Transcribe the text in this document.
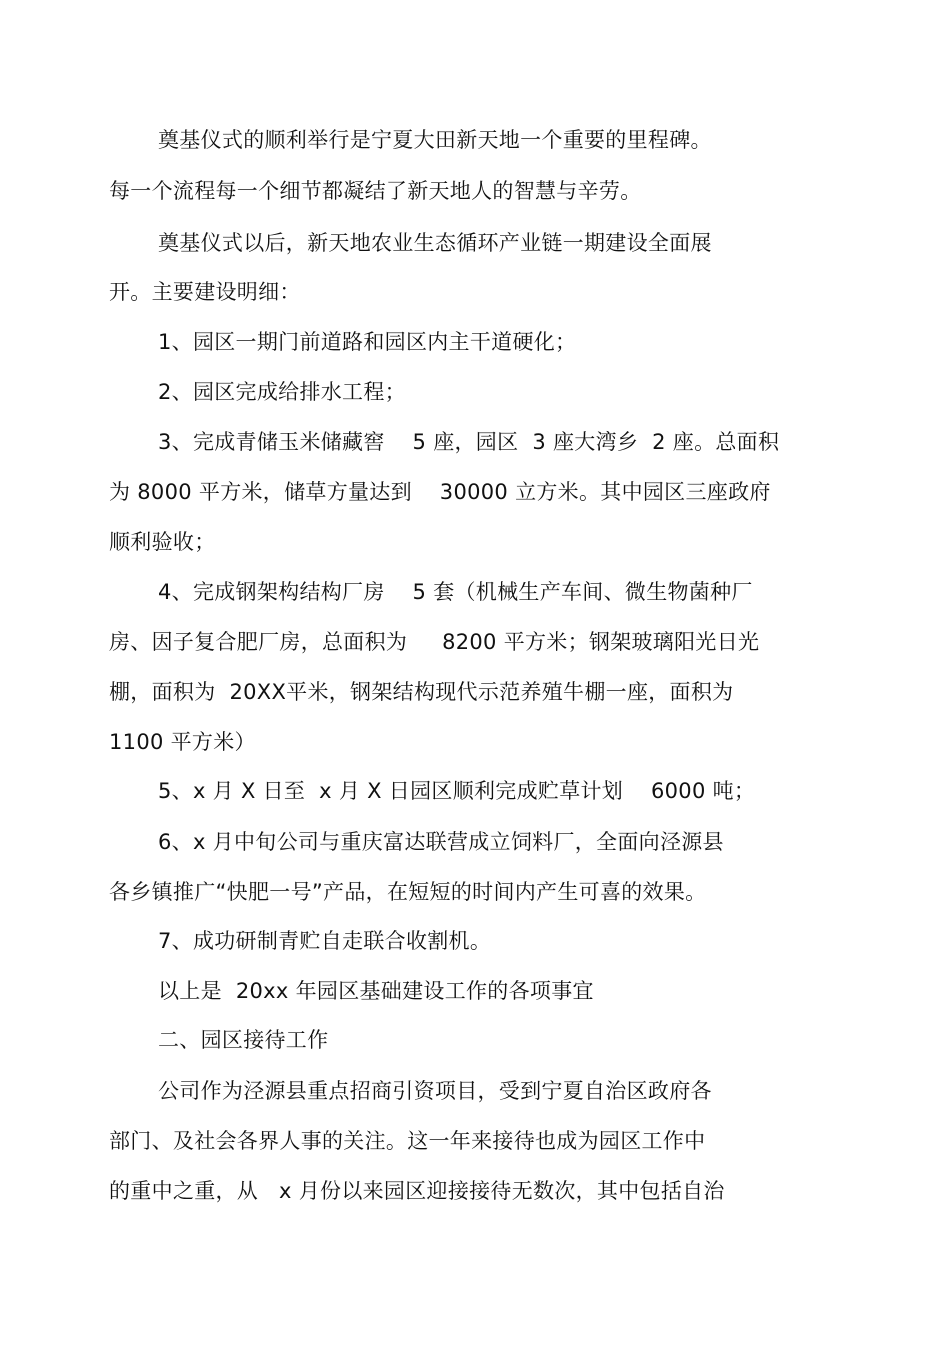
奠基仪式的顺利举行是宁夏大田新天地一个重要的里程碑。
每一个流程每一个细节都凝结了新天地人的智慧与辛劳。
奠基仪式以后，新天地农业生态循环产业链一期建设全面展
开。主要建设明细：
1、园区一期门前道路和园区内主干道硬化；
2、园区完成给排水工程；
3、完成青储玉米储藏窖    5 座，园区  3 座大湾乡  2 座。总面积
为 8000 平方米，储草方量达到    30000 立方米。其中园区三座政府
顺利验收；
4、完成钢架构结构厂房    5 套（机械生产车间、微生物菌种厂
房、因子复合肥厂房，总面积为     8200 平方米；钢架玻璃阳光日光
棚，面积为  20XX平米，钢架结构现代示范养殖牛棚一座，面积为
1100 平方米）
5、x 月 X 日至  x 月 X 日园区顺利完成贮草计划    6000 吨；
6、x 月中旬公司与重庆富达联营成立饲料厂，全面向泾源县
各乡镇推广“快肥一号”产品，在短短的时间内产生可喜的效果。
7、成功研制青贮自走联合收割机。
以上是  20xx 年园区基础建设工作的各项事宜
二、园区接待工作
公司作为泾源县重点招商引资项目，受到宁夏自治区政府各
部门、及社会各界人事的关注。这一年来接待也成为园区工作中
的重中之重，从   x 月份以来园区迎接接待无数次，其中包括自治
